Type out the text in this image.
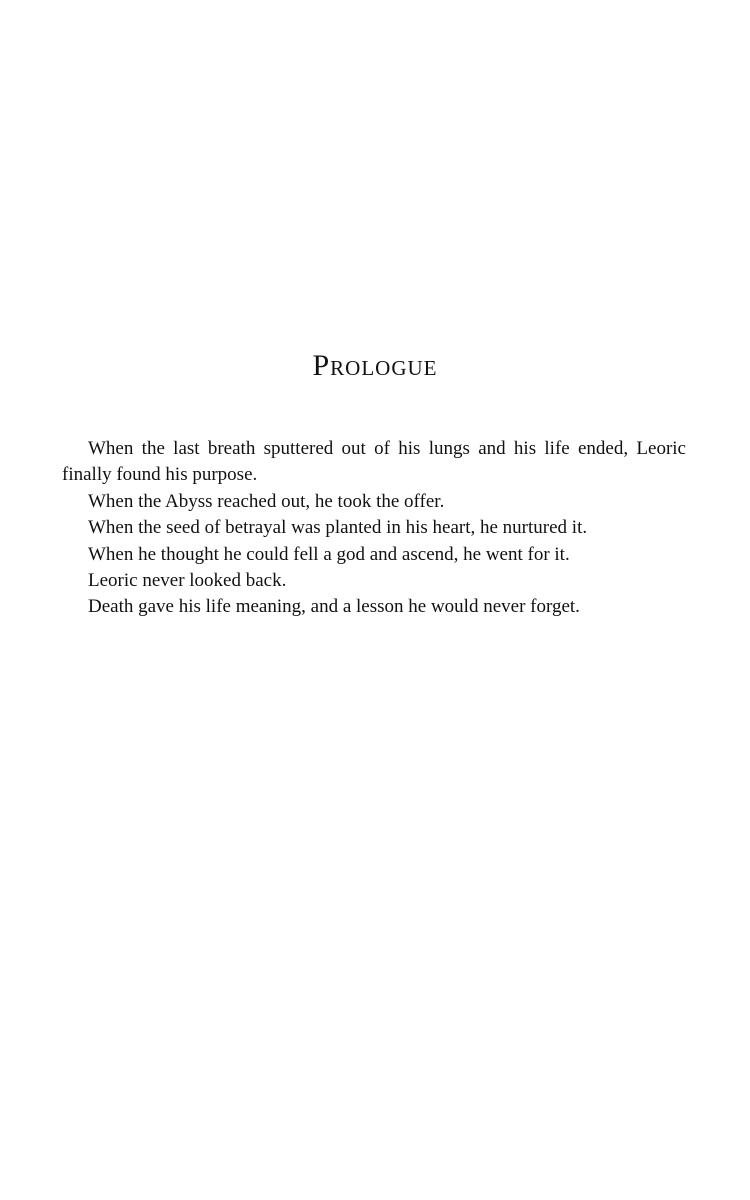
Prologue

When the last breath sputtered out of his lungs and his life ended, Leoric finally found his purpose.

When the Abyss reached out, he took the offer.

When the seed of betrayal was planted in his heart, he nurtured it.

When he thought he could fell a god and ascend, he went for it.

Leoric never looked back.

Death gave his life meaning, and a lesson he would never forget.
